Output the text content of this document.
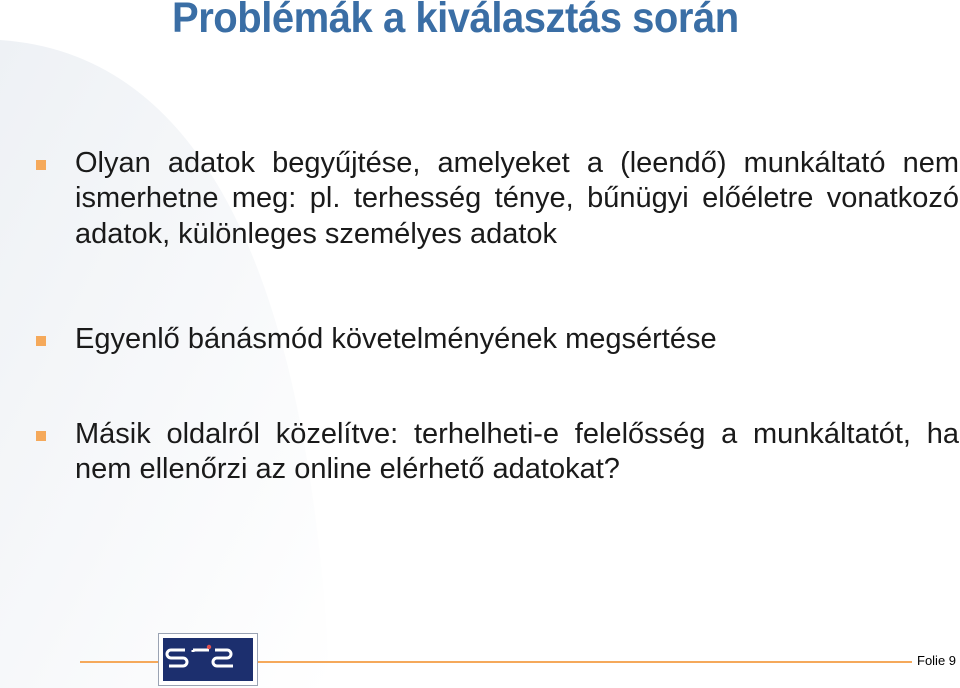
Problémák a kiválasztás során
Olyan adatok begyűjtése, amelyeket a (leendő) munkáltató nem ismerhetne meg: pl. terhesség ténye, bűnügyi előéletre vonatkozó adatok, különleges személyes adatok
Egyenlő bánásmód követelményének megsértése
Másik oldalról közelítve: terhelheti-e felelősség a munkáltatót, ha nem ellenőrzi az online elérhető adatokat?
Folie 9
